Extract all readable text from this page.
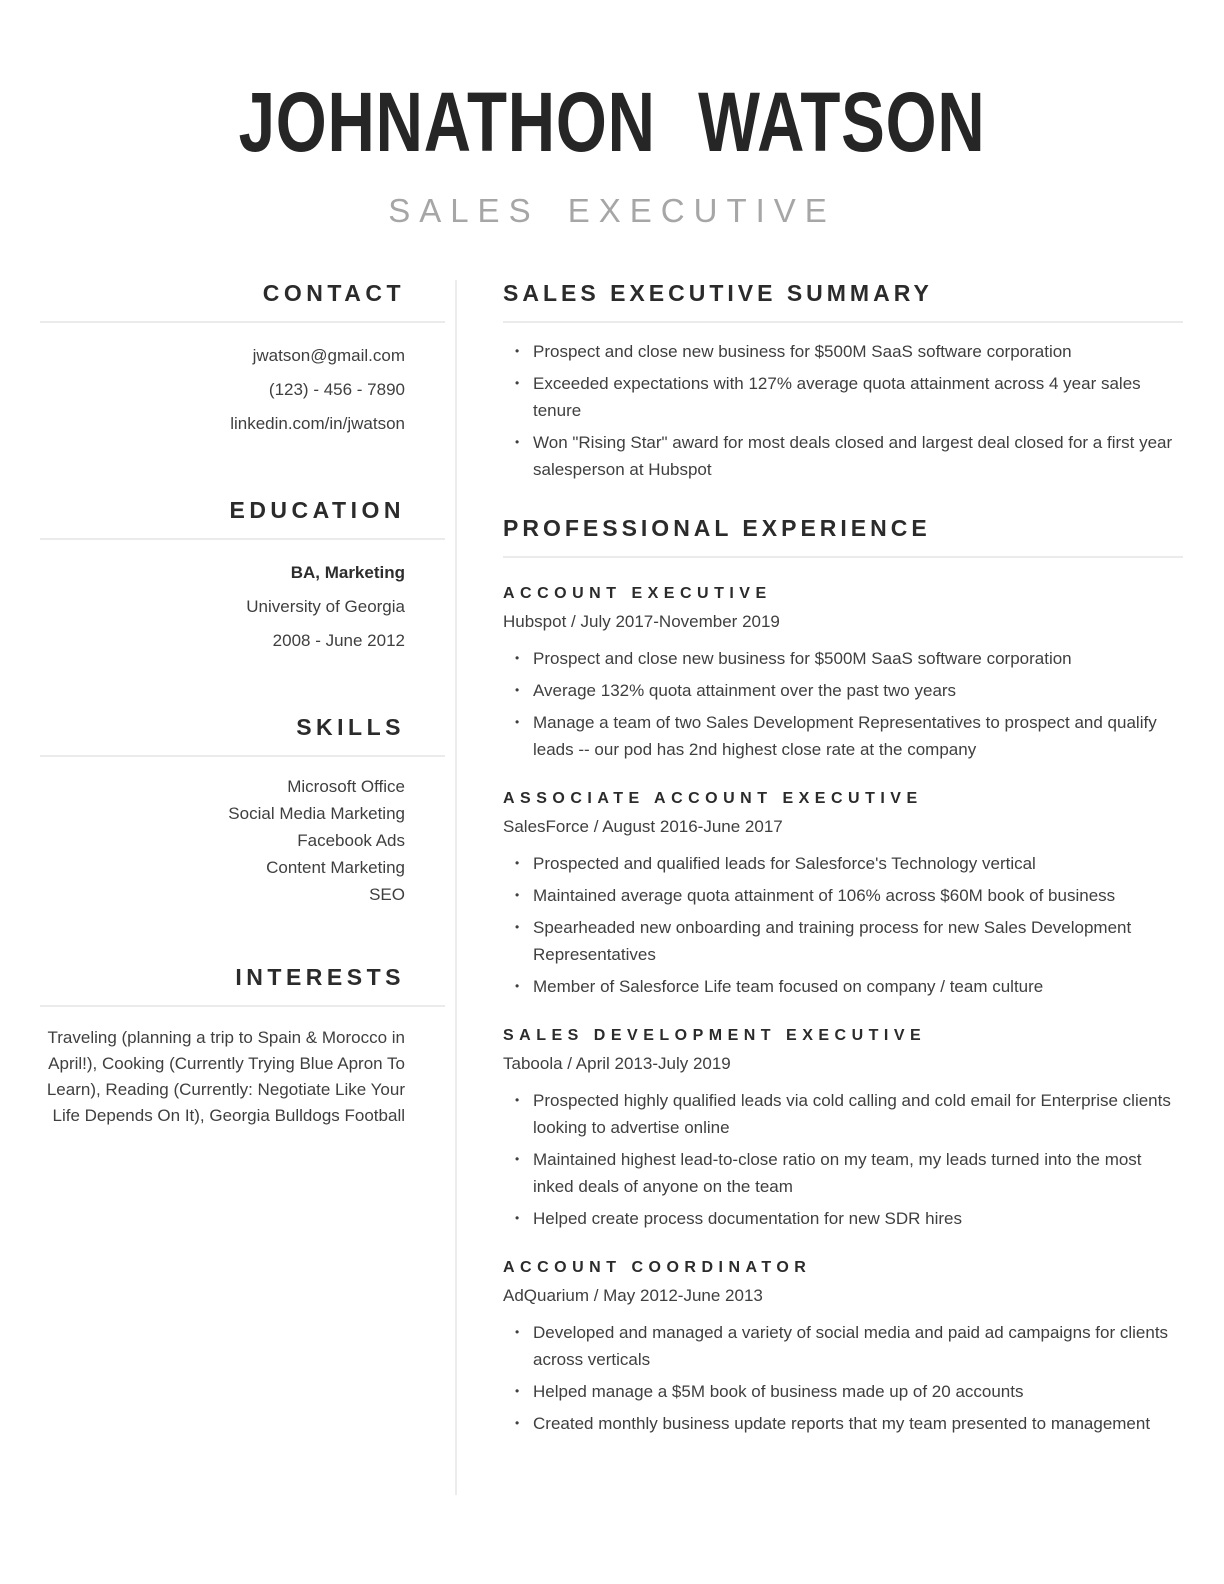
JOHNATHON WATSON
SALES EXECUTIVE
CONTACT
jwatson@gmail.com
(123) - 456 - 7890
linkedin.com/in/jwatson
EDUCATION
BA, Marketing
University of Georgia
2008 - June 2012
SKILLS
Microsoft Office
Social Media Marketing
Facebook Ads
Content Marketing
SEO
INTERESTS

Traveling (planning a trip to Spain & Morocco in April!), Cooking (Currently Trying Blue Apron To Learn), Reading (Currently: Negotiate Like Your Life Depends On It), Georgia Bulldogs Football

SALES EXECUTIVE SUMMARY
• Prospect and close new business for $500M SaaS software corporation
• Exceeded expectations with 127% average quota attainment across 4 year sales tenure
• Won "Rising Star" award for most deals closed and largest deal closed for a first year salesperson at Hubspot
PROFESSIONAL EXPERIENCE
ACCOUNT EXECUTIVE
Hubspot / July 2017-November 2019
• Prospect and close new business for $500M SaaS software corporation
• Average 132% quota attainment over the past two years
• Manage a team of two Sales Development Representatives to prospect and qualify leads -- our pod has 2nd highest close rate at the company
ASSOCIATE ACCOUNT EXECUTIVE
SalesForce / August 2016-June 2017
• Prospected and qualified leads for Salesforce's Technology vertical
• Maintained average quota attainment of 106% across $60M book of business
• Spearheaded new onboarding and training process for new Sales Development Representatives
• Member of Salesforce Life team focused on company / team culture
SALES DEVELOPMENT EXECUTIVE
Taboola / April 2013-July 2019
• Prospected highly qualified leads via cold calling and cold email for Enterprise clients looking to advertise online
• Maintained highest lead-to-close ratio on my team, my leads turned into the most inked deals of anyone on the team
• Helped create process documentation for new SDR hires
ACCOUNT COORDINATOR
AdQuarium / May 2012-June 2013
• Developed and managed a variety of social media and paid ad campaigns for clients across verticals
• Helped manage a $5M book of business made up of 20 accounts
• Created monthly business update reports that my team presented to management
